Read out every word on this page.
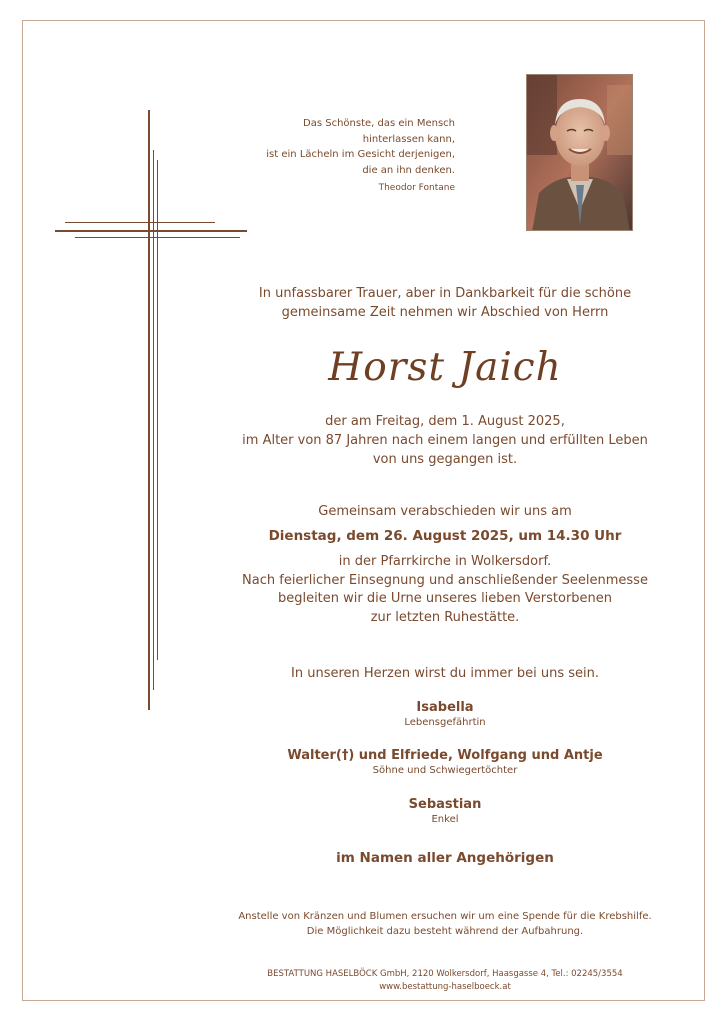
Das Schönste, das ein Mensch
hinterlassen kann,
ist ein Lächeln im Gesicht derjenigen,
die an ihn denken.
Theodor Fontane
In unfassbarer Trauer, aber in Dankbarkeit für die schöne
gemeinsame Zeit nehmen wir Abschied von Herrn
Horst Jaich
der am Freitag, dem 1. August 2025,
im Alter von 87 Jahren nach einem langen und erfüllten Leben
von uns gegangen ist.
Gemeinsam verabschieden wir uns am
Dienstag, dem 26. August 2025, um 14.30 Uhr
in der Pfarrkirche in Wolkersdorf.
Nach feierlicher Einsegnung und anschließender Seelenmesse
begleiten wir die Urne unseres lieben Verstorbenen
zur letzten Ruhestätte.
In unseren Herzen wirst du immer bei uns sein.
Isabella
Lebensgefährtin
Walter(†) und Elfriede, Wolfgang und Antje
Söhne und Schwiegertöchter
Sebastian
Enkel
im Namen aller Angehörigen
Anstelle von Kränzen und Blumen ersuchen wir um eine Spende für die Krebshilfe.
Die Möglichkeit dazu besteht während der Aufbahrung.
BESTATTUNG HASELBÖCK GmbH, 2120 Wolkersdorf, Haasgasse 4, Tel.: 02245/3554
www.bestattung-haselboeck.at
